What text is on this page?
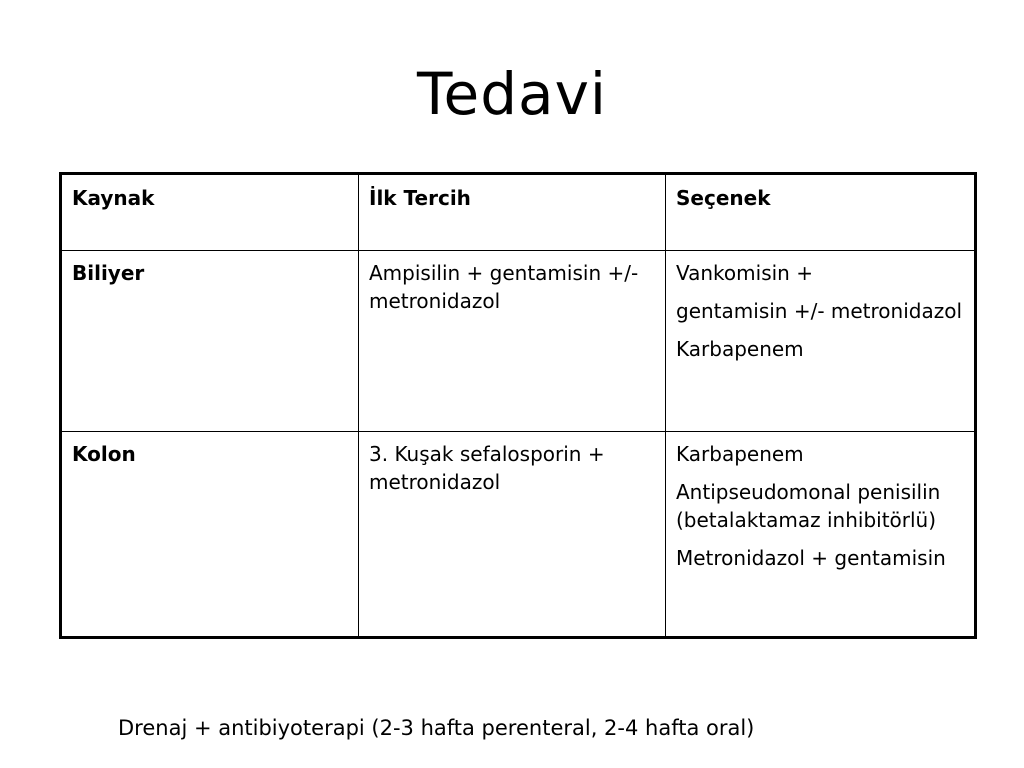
Tedavi
Kaynak	İlk Tercih	Seçenek
Biliyer	Ampisilin + gentamisin +/-metronidazol	Vankomisin +
gentamisin +/- metronidazol
Karbapenem

Kolon	3. Kuşak sefalosporin + metronidazol	Karbapenem
Antipseudomonal penisilin (betalaktamaz inhibitörlü)
Metronidazol + gentamisin
Drenaj + antibiyoterapi (2-3 hafta perenteral, 2-4 hafta oral)
